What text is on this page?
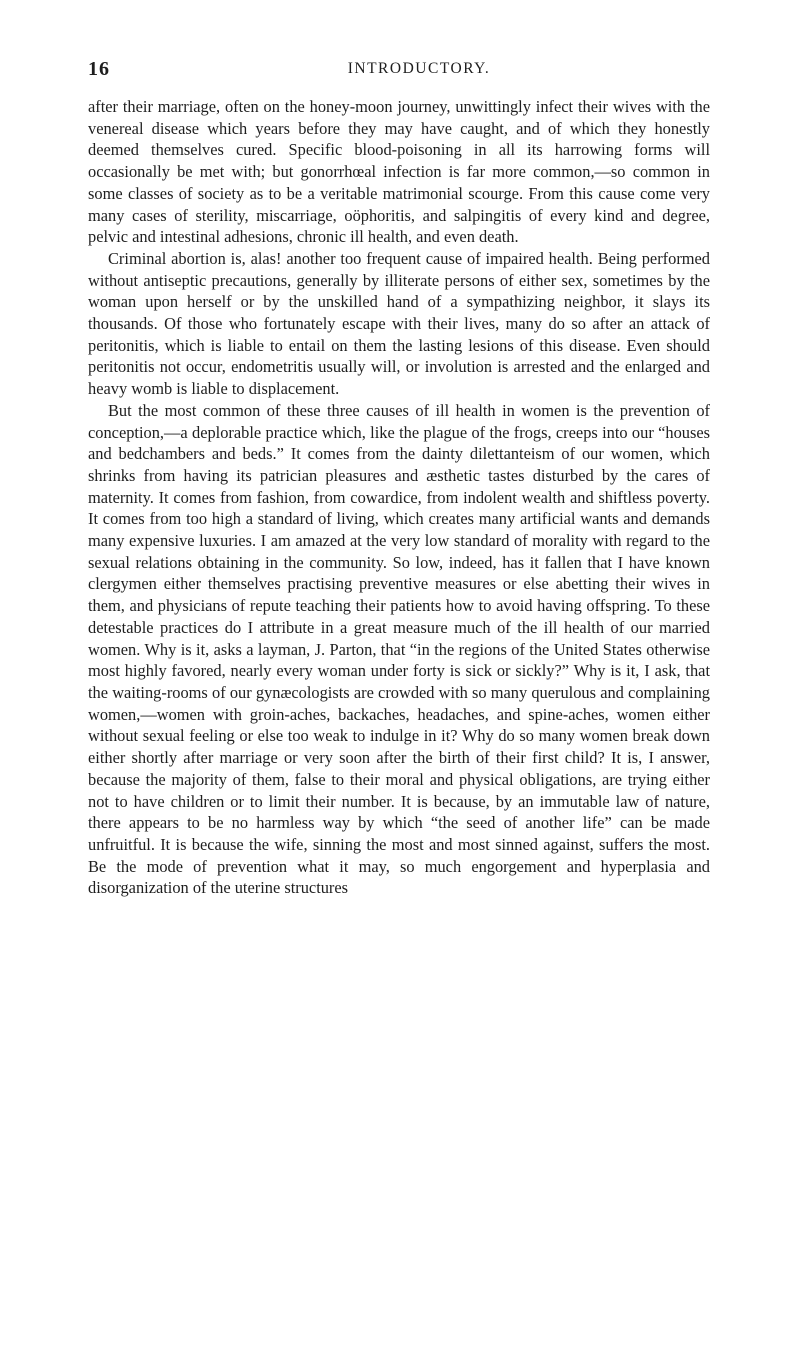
16	INTRODUCTORY.

after their marriage, often on the honey-moon journey, unwittingly infect their wives with the venereal disease which years before they may have caught, and of which they honestly deemed themselves cured. Specific blood-poisoning in all its harrowing forms will occasionally be met with; but gonorrhœal infection is far more common,—so common in some classes of society as to be a veritable matrimonial scourge. From this cause come very many cases of sterility, miscarriage, oöphoritis, and salpingitis of every kind and degree, pelvic and intestinal adhesions, chronic ill health, and even death.

Criminal abortion is, alas! another too frequent cause of impaired health. Being performed without antiseptic precautions, generally by illiterate persons of either sex, sometimes by the woman upon herself or by the unskilled hand of a sympathizing neighbor, it slays its thousands. Of those who fortunately escape with their lives, many do so after an attack of peritonitis, which is liable to entail on them the lasting lesions of this disease. Even should peritonitis not occur, endometritis usually will, or involution is arrested and the enlarged and heavy womb is liable to displacement.

But the most common of these three causes of ill health in women is the prevention of conception,—a deplorable practice which, like the plague of the frogs, creeps into our “houses and bedchambers and beds.” It comes from the dainty dilettanteism of our women, which shrinks from having its patrician pleasures and æsthetic tastes disturbed by the cares of maternity. It comes from fashion, from cowardice, from indolent wealth and shiftless poverty. It comes from too high a standard of living, which creates many artificial wants and demands many expensive luxuries. I am amazed at the very low standard of morality with regard to the sexual relations obtaining in the community. So low, indeed, has it fallen that I have known clergymen either themselves practising preventive measures or else abetting their wives in them, and physicians of repute teaching their patients how to avoid having offspring. To these detestable practices do I attribute in a great measure much of the ill health of our married women. Why is it, asks a layman, J. Parton, that “in the regions of the United States otherwise most highly favored, nearly every woman under forty is sick or sickly?” Why is it, I ask, that the waiting-rooms of our gynæcologists are crowded with so many querulous and complaining women,—women with groin-aches, backaches, headaches, and spine-aches, women either without sexual feeling or else too weak to indulge in it? Why do so many women break down either shortly after marriage or very soon after the birth of their first child? It is, I answer, because the majority of them, false to their moral and physical obligations, are trying either not to have children or to limit their number. It is because, by an immutable law of nature, there appears to be no harmless way by which “the seed of another life” can be made unfruitful. It is because the wife, sinning the most and most sinned against, suffers the most. Be the mode of prevention what it may, so much engorgement and hyperplasia and disorganization of the uterine structures
